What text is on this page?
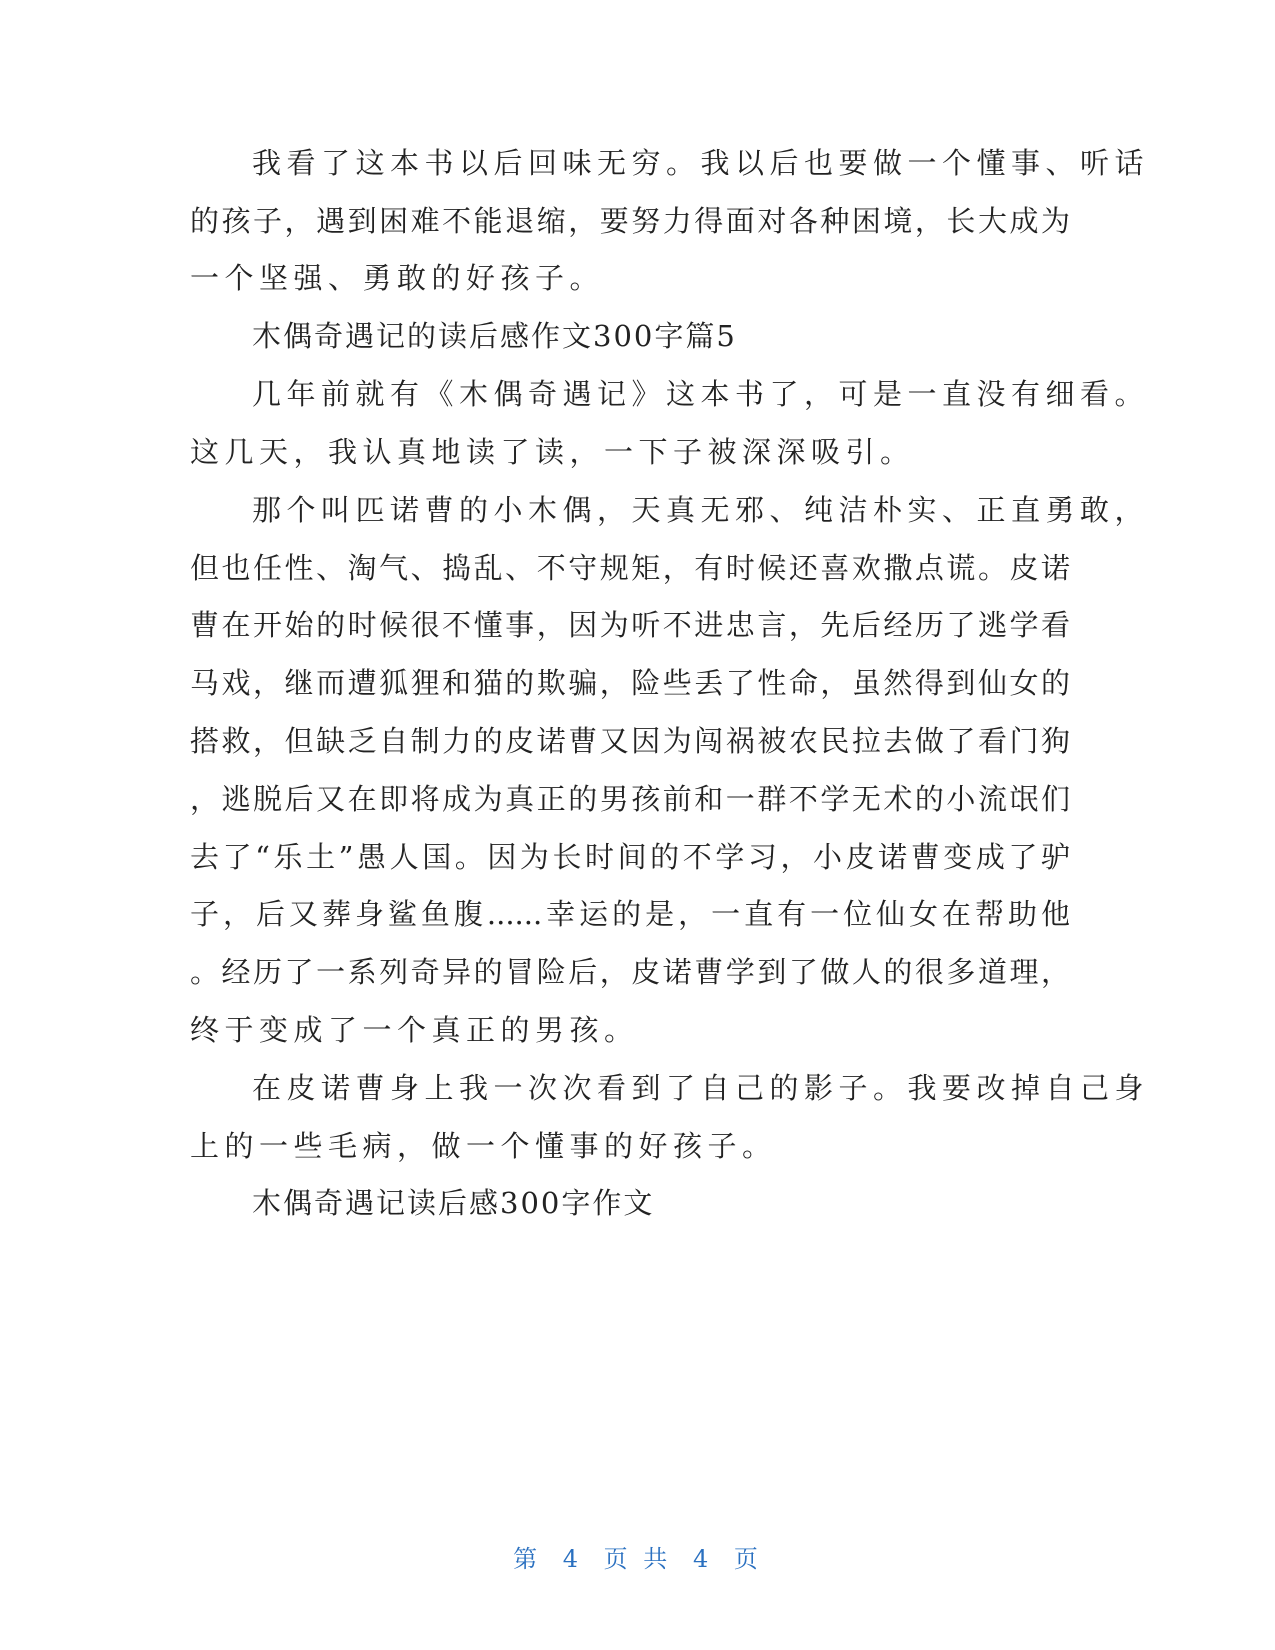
我看了这本书以后回味无穷。我以后也要做一个懂事、听话
的孩子，遇到困难不能退缩，要努力得面对各种困境，长大成为
一个坚强、勇敢的好孩子。
木偶奇遇记的读后感作文300字篇5
几年前就有《木偶奇遇记》这本书了，可是一直没有细看。
这几天，我认真地读了读，一下子被深深吸引。
那个叫匹诺曹的小木偶，天真无邪、纯洁朴实、正直勇敢，
但也任性、淘气、捣乱、不守规矩，有时候还喜欢撒点谎。皮诺
曹在开始的时候很不懂事，因为听不进忠言，先后经历了逃学看
马戏，继而遭狐狸和猫的欺骗，险些丢了性命，虽然得到仙女的
搭救，但缺乏自制力的皮诺曹又因为闯祸被农民拉去做了看门狗
，逃脱后又在即将成为真正的男孩前和一群不学无术的小流氓们
去了“乐土”愚人国。因为长时间的不学习，小皮诺曹变成了驴
子，后又葬身鲨鱼腹......幸运的是，一直有一位仙女在帮助他
。经历了一系列奇异的冒险后，皮诺曹学到了做人的很多道理，
终于变成了一个真正的男孩。
在皮诺曹身上我一次次看到了自己的影子。我要改掉自己身
上的一些毛病，做一个懂事的好孩子。
木偶奇遇记读后感300字作文
第 4 页 共 4 页
